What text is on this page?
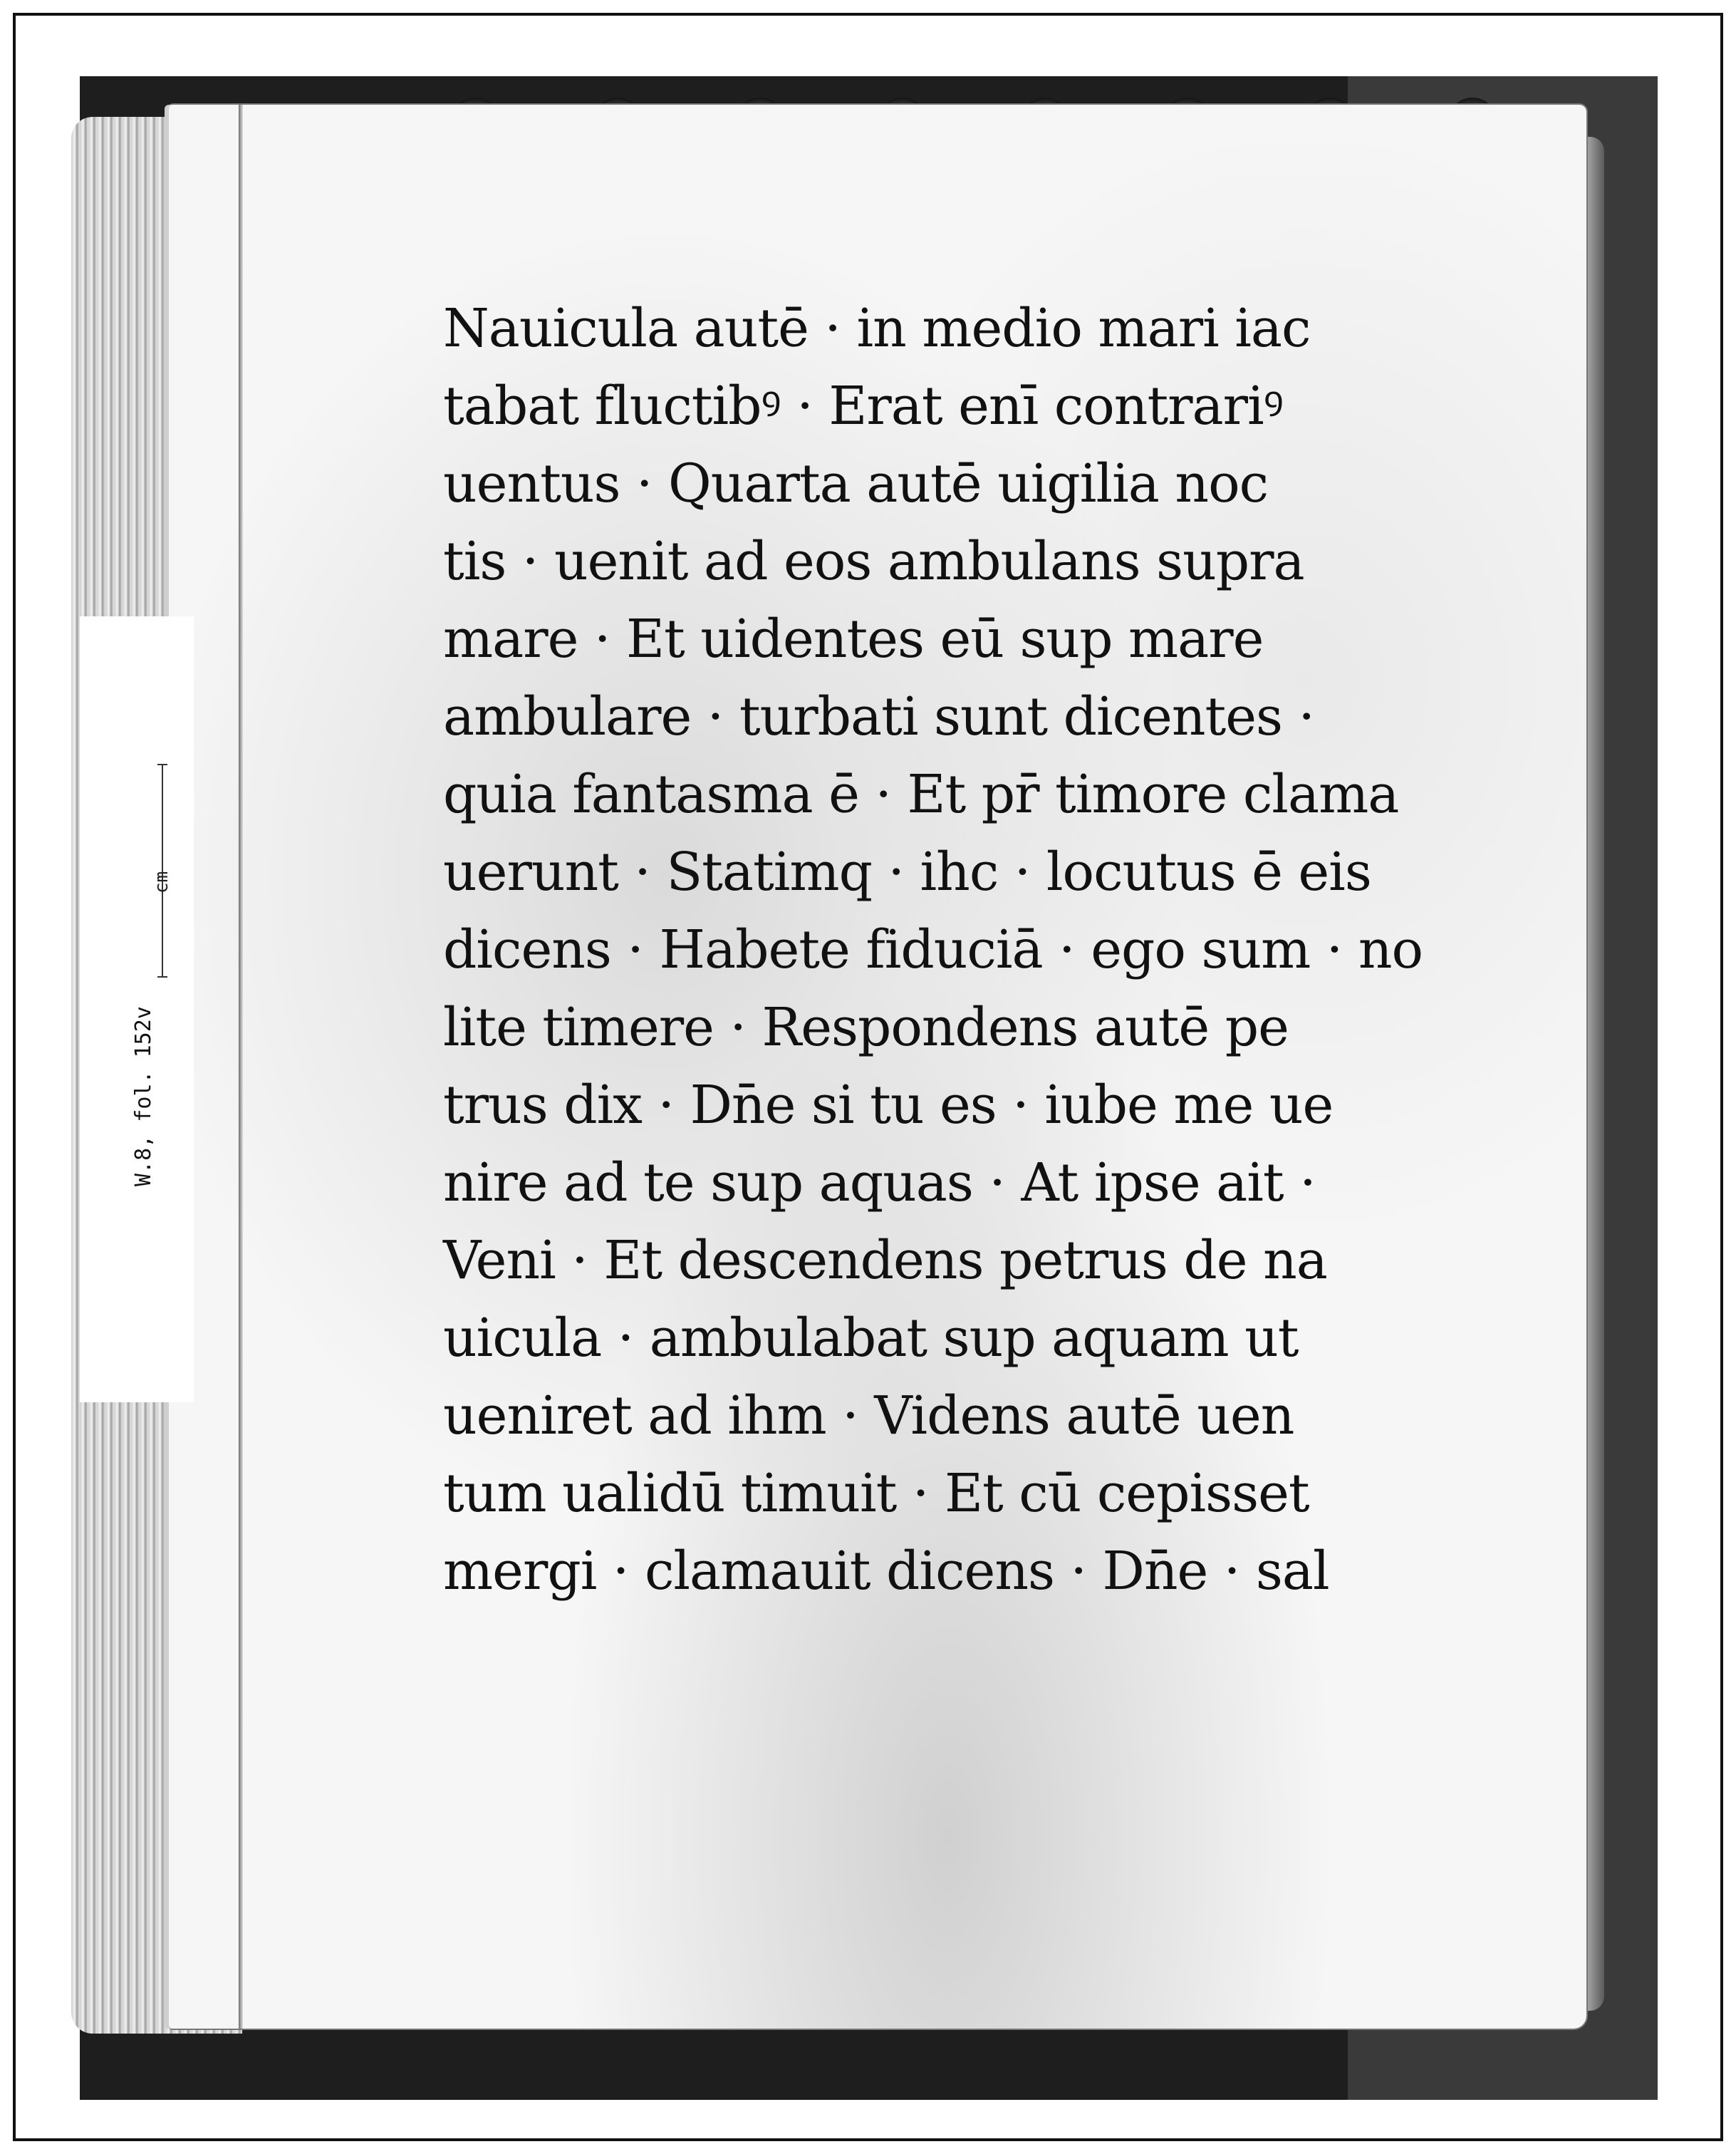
Nauicula autē · in medio mari iac
tabat fluctibꝰ · Erat enī contrariꝰ
uentus · Quarta autē uigilia noc
tis · uenit ad eos ambulans supra
mare · Et uidentes eū sup mare
ambulare · turbati sunt dicentes ·
quia fantasma ē · Et pr̄ timore clama
uerunt · Statimq · ihc · locutus ē eis
dicens · Habete fiduciā · ego sum · no
lite timere · Respondens autē pe
trus dix · Dn̄e si tu es · iube me ue
nire ad te sup aquas · At ipse ait ·
Veni · Et descendens petrus de na
uicula · ambulabat sup aquam ut
ueniret ad ihm · Videns autē uen
tum ualidū timuit · Et cū cepisset
mergi · clamauit dicens · Dn̄e · sal
W.8, fol. 152v
cm
